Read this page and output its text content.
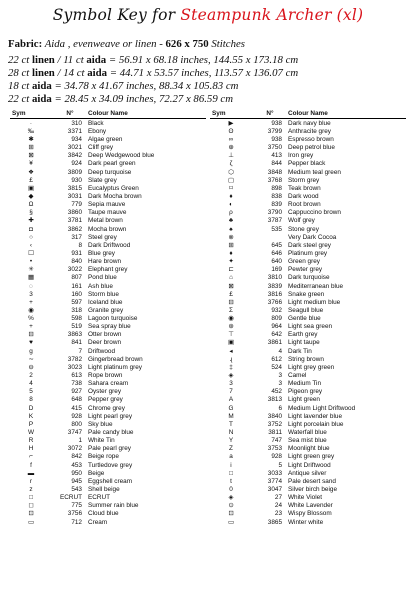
Symbol Key for Steampunk Archer (xl)
Fabric: Aida , evenweave or linen - 626 x 750 Stitches
22 ct linen / 11 ct aida = 56.91 x 68.18 inches, 144.55 x 173.18 cm
28 ct linen / 14 ct aida = 44.71 x 53.57 inches, 113.57 x 136.07 cm
18 ct aida = 34.78 x 41.67 inches, 88.34 x 105.83 cm
22 ct aida = 28.45 x 34.09 inches, 72.27 x 86.59 cm
Sym	N°	Colour Name
·	310 Black
‰	3371 Ebony
✱	934 Algae green
⊞	3021 Cliff grey
⊠	3842 Deep Wedgewood blue
¥	924 Dark pearl green
❖	3809 Deep turquoise
£	930 Slate grey
▣	3815 Eucalyptus Green
◆	3031 Dark Mocha brown
Ω	779 Sepia mauve
§	3860 Taupe mauve
✚	3781 Metal brown
◘	3862 Mocha brown
○	317 Steel grey
‹	8 Dark Driftwood
☐	931 Blue grey
•	840 Hare brown
✳	3022 Elephant grey
▦	807 Pond blue
◌	161 Ash blue
3	160 Storm blue
+	597 Iceland blue
◉	318 Granite grey
%	598 Lagoon turquoise
+	519 Sea spray blue
⊟	3863 Otter brown
♥	841 Deer brown
g	7 Driftwood
∼	3782 Gingerbread brown
⊖	3023 Light platinum grey
2	613 Rope brown
4	738 Sahara cream
5	927 Oyster grey
8	648 Pepper grey
D	415 Chrome grey
K	928 Light pearl grey
P	800 Sky blue
W	3747 Pale candy blue
R	1 White Tin
H	3072 Pale pearl grey
⌐	842 Beige rope
f	453 Turtledove grey
▬	950 Beige
r	945 Eggshell cream
z	543 Shell beige
□	ECRUT ECRUT
◻	775 Summer rain blue
⊡	3756 Cloud blue
▭	712 Cream
Sym	N°	Colour Name
▶	938 Dark navy blue
ʘ	3799 Anthracite grey
∞	938 Espresso brown
⊕	3750 Deep petrol blue
⊥	413 Iron grey
ζ	844 Pepper black
⬡	3848 Medium teal green
▢	3768 Storm grey
⌑	898 Teak brown
♦	838 Dark wood
◐	839 Root brown
ρ	3790 Cappuccino brown
♣	3787 Wolf grey
♠	535 Stone grey
⊗	Very Dark Cocoa
⊞	645 Dark steel grey
♦	646 Platinum grey
✦	640 Green grey
⊏	169 Pewter grey
⌂	3810 Dark turquoise
⊠	3839 Mediterranean blue
£	3816 Snake green
⊟	3766 Light medium blue
Σ	932 Seagull blue
◉	809 Gentle blue
⊛	964 Light sea green
⊤	642 Earth grey
▣	3861 Light taupe
◂	4 Dark Tin
ɻ	612 String brown
‡	524 Light grey green
◈	3 Camel
3	3 Medium Tin
7	452 Pigeon grey
A	3813 Light green
G	6 Medium Light Driftwood
M	3840 Light lavender blue
T	3752 Light porcelain blue
N	3811 Waterfall blue
Y	747 Sea mist blue
Z	3753 Moonlight blue
a	928 Light green grey
i	5 Light Driftwood
□	3033 Antique silver
t	3774 Pale desert sand
0	3047 Silver birch beige
◈	27 White Violet
⊙	24 White Lavender
⊡	23 Wispy Blossom
▭	3865 Winter white
